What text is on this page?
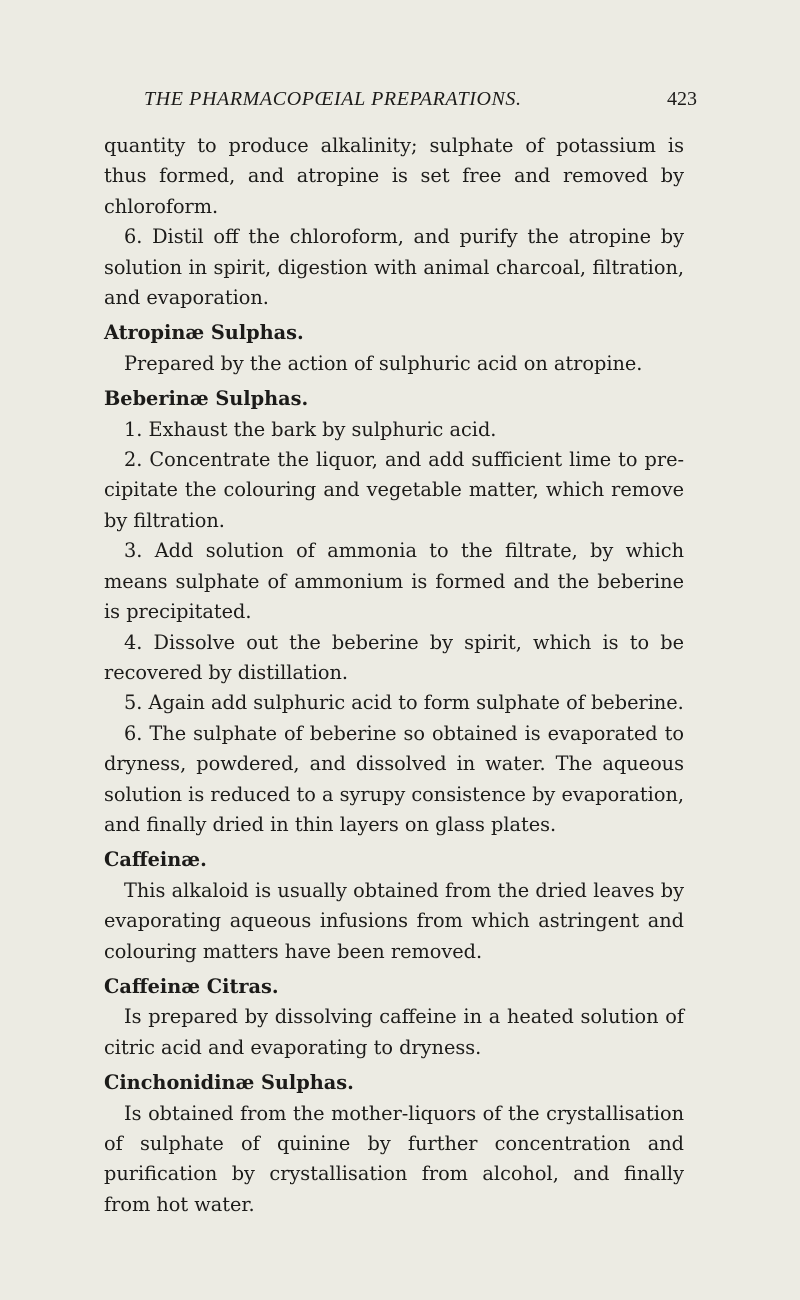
THE PHARMACOPŒIAL PREPARATIONS.	423

quantity to produce alkalinity; sulphate of potassium is thus formed, and atropine is set free and removed by chloroform.

6. Distil off the chloroform, and purify the atropine by solution in spirit, digestion with animal charcoal, filtration, and evaporation.

Atropinæ Sulphas.

Prepared by the action of sulphuric acid on atropine.

Beberinæ Sulphas.

1. Exhaust the bark by sulphuric acid.

2. Concentrate the liquor, and add sufficient lime to pre-cipitate the colouring and vegetable matter, which remove by filtration.

3. Add solution of ammonia to the filtrate, by which means sulphate of ammonium is formed and the beberine is precipitated.

4. Dissolve out the beberine by spirit, which is to be recovered by distillation.

5. Again add sulphuric acid to form sulphate of beberine.

6. The sulphate of beberine so obtained is evaporated to dryness, powdered, and dissolved in water. The aqueous solution is reduced to a syrupy consistence by evaporation, and finally dried in thin layers on glass plates.

Caffeinæ.

This alkaloid is usually obtained from the dried leaves by evaporating aqueous infusions from which astringent and colouring matters have been removed.

Caffeinæ Citras.

Is prepared by dissolving caffeine in a heated solution of citric acid and evaporating to dryness.

Cinchonidinæ Sulphas.

Is obtained from the mother-liquors of the crystallisation of sulphate of quinine by further concentration and purification by crystallisation from alcohol, and finally from hot water.
